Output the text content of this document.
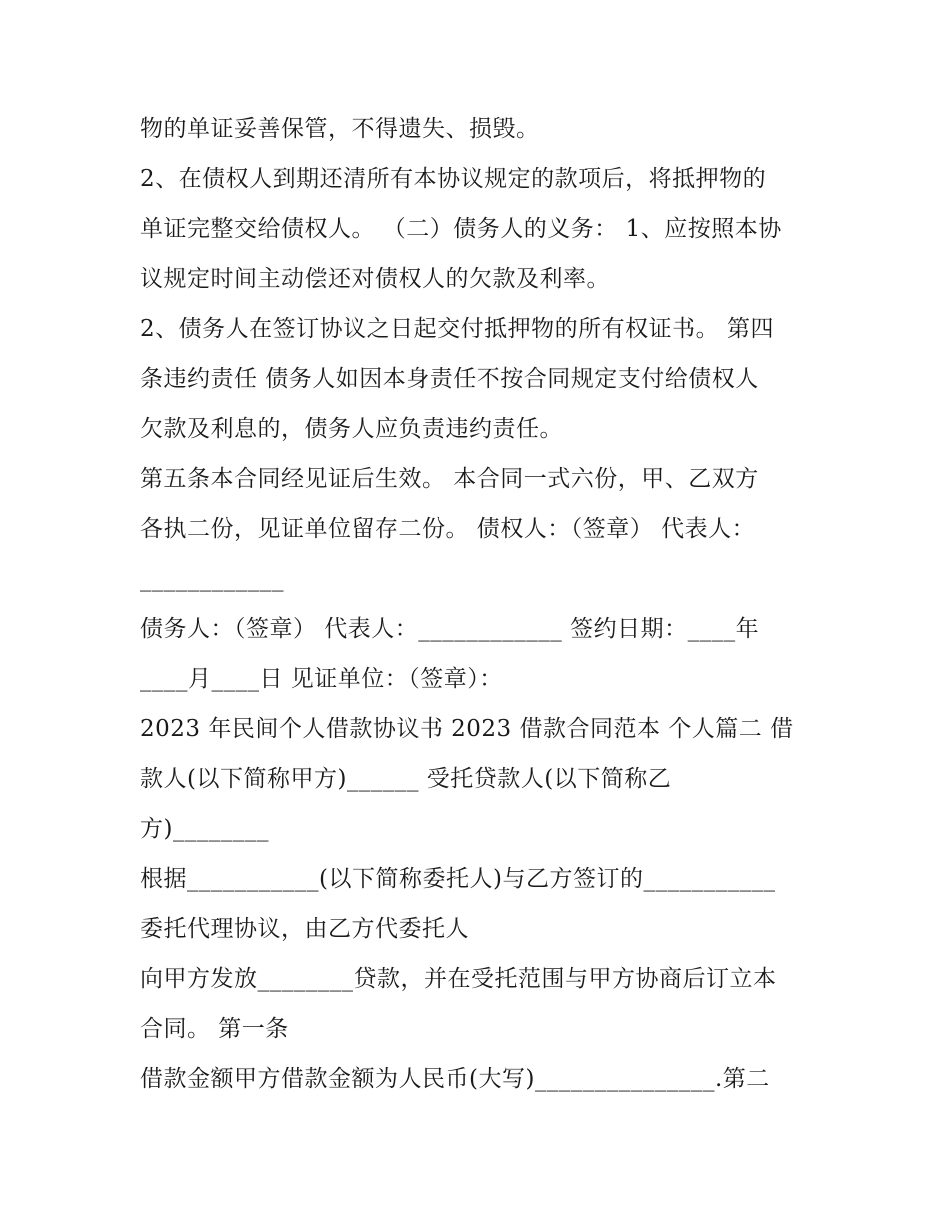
物的单证妥善保管，不得遗失、损毁。
2、在债权人到期还清所有本协议规定的款项后，将抵押物的
单证完整交给债权人。 （二）债务人的义务： 1、应按照本协
议规定时间主动偿还对债权人的欠款及利率。
2、债务人在签订协议之日起交付抵押物的所有权证书。 第四
条违约责任 债务人如因本身责任不按合同规定支付给债权人
欠款及利息的，债务人应负责违约责任。
第五条本合同经见证后生效。 本合同一式六份，甲、乙双方
各执二份，见证单位留存二份。 债权人：（签章） 代表人：
____________
债务人：（签章） 代表人：____________ 签约日期：____年
____月____日 见证单位：（签章）：
2023 年民间个人借款协议书 2023 借款合同范本 个人篇二 借
款人(以下简称甲方)______ 受托贷款人(以下简称乙
方)________
根据___________(以下简称委托人)与乙方签订的___________
委托代理协议，由乙方代委托人
向甲方发放________贷款，并在受托范围与甲方协商后订立本
合同。 第一条
借款金额甲方借款金额为人民币(大写)_______________.第二
